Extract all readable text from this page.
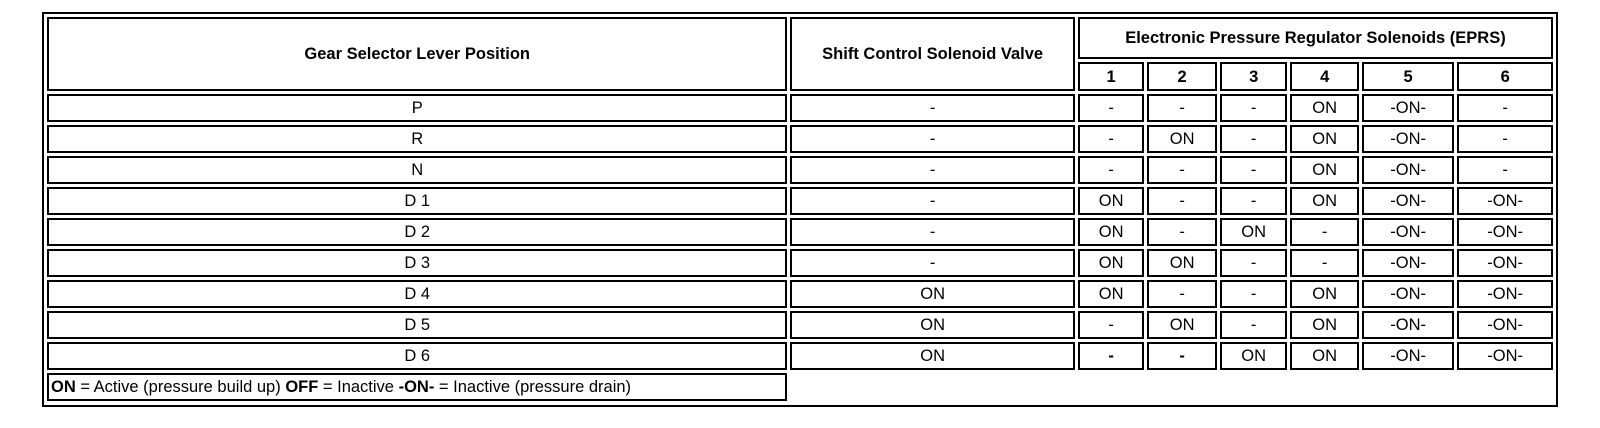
Gear Selector Lever Position	Shift Control Solenoid Valve	Electronic Pressure Regulator Solenoids (EPRS)					
		1	2	3	4	5	6
P	-	-	-	-	ON	-ON-	-
R	-	-	ON	-	ON	-ON-	-
N	-	-	-	-	ON	-ON-	-
D 1	-	ON	-	-	ON	-ON-	-ON-
D 2	-	ON	-	ON	-	-ON-	-ON-
D 3	-	ON	ON	-	-	-ON-	-ON-
D 4	ON	ON	-	-	ON	-ON-	-ON-
D 5	ON	-	ON	-	ON	-ON-	-ON-
D 6	ON	-	-	ON	ON	-ON-	-ON-
ON = Active (pressure build up) OFF = Inactive -ON- = Inactive (pressure drain)							
